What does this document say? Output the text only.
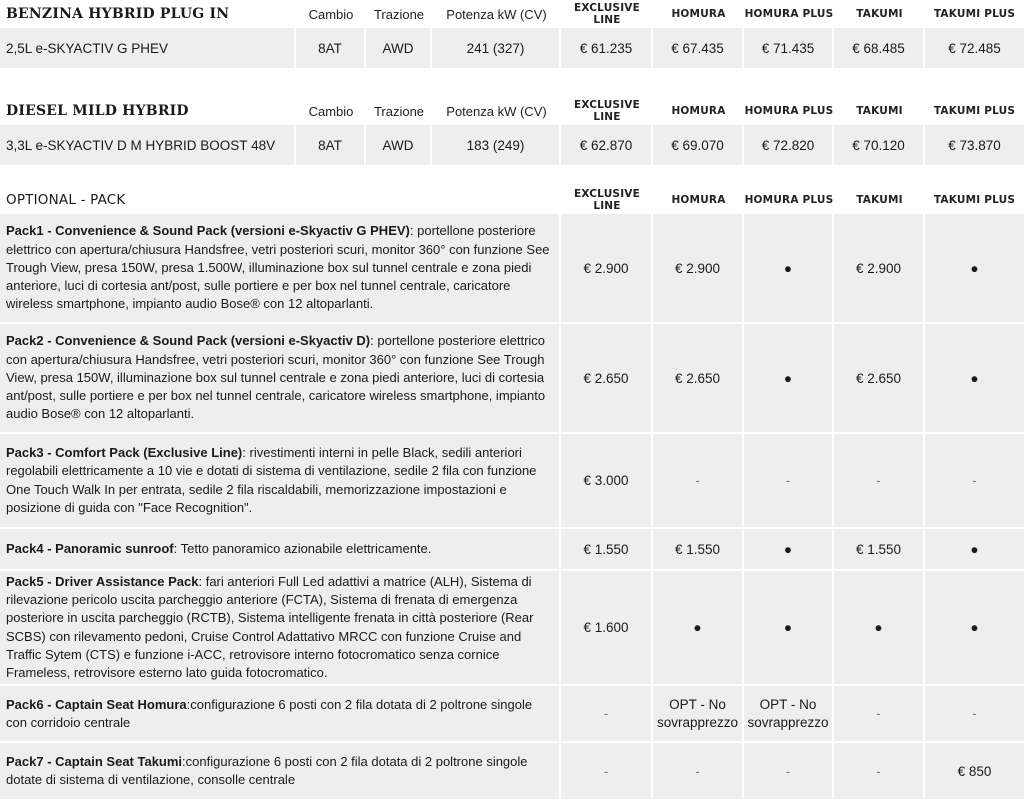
BENZINA HYBRID PLUG IN	Cambio	Trazione	Potenza kW (CV)	EXCLUSIVE LINE	HOMURA	HOMURA PLUS	TAKUMI	TAKUMI PLUS
2,5L e-SKYACTIV G PHEV	8AT	AWD	241 (327)	€ 61.235	€ 67.435	€ 71.435	€ 68.485	€ 72.485
DIESEL MILD HYBRID	Cambio	Trazione	Potenza kW (CV)	EXCLUSIVE LINE	HOMURA	HOMURA PLUS	TAKUMI	TAKUMI PLUS
3,3L e-SKYACTIV D M HYBRID BOOST 48V	8AT	AWD	183 (249)	€ 62.870	€ 69.070	€ 72.820	€ 70.120	€ 73.870
OPTIONAL - PACK	EXCLUSIVE LINE	HOMURA	HOMURA PLUS	TAKUMI	TAKUMI PLUS
Pack1 - Convenience & Sound Pack (versioni e-Skyactiv G PHEV): portellone posteriore elettrico con apertura/chiusura Handsfree, vetri posteriori scuri, monitor 360° con funzione See Trough View, presa 150W, presa 1.500W, illuminazione box sul tunnel centrale e zona piedi anteriore, luci di cortesia ant/post, sulle portiere e per box nel tunnel centrale, caricatore wireless smartphone, impianto audio Bose® con 12 altoparlanti.	€ 2.900	€ 2.900	●	€ 2.900	●
Pack2 - Convenience & Sound Pack (versioni e-Skyactiv D): portellone posteriore elettrico con apertura/chiusura Handsfree, vetri posteriori scuri, monitor 360° con funzione See Trough View, presa 150W, illuminazione box sul tunnel centrale e zona piedi anteriore, luci di cortesia ant/post, sulle portiere e per box nel tunnel centrale, caricatore wireless smartphone, impianto audio Bose® con 12 altoparlanti.	€ 2.650	€ 2.650	●	€ 2.650	●
Pack3 - Comfort Pack (Exclusive Line): rivestimenti interni in pelle Black, sedili anteriori regolabili elettricamente a 10 vie e dotati di sistema di ventilazione, sedile 2 fila con funzione One Touch Walk In per entrata, sedile 2 fila riscaldabili, memorizzazione impostazioni e posizione di guida con "Face Recognition".	€ 3.000	-	-	-	-
Pack4 - Panoramic sunroof: Tetto panoramico azionabile elettricamente.	€ 1.550	€ 1.550	●	€ 1.550	●
Pack5 - Driver Assistance Pack: fari anteriori Full Led adattivi a matrice (ALH), Sistema di rilevazione pericolo uscita parcheggio anteriore (FCTA), Sistema di frenata di emergenza posteriore in uscita parcheggio (RCTB), Sistema intelligente frenata in città posteriore (Rear SCBS) con rilevamento pedoni, Cruise Control Adattativo MRCC con funzione Cruise and Traffic Sytem (CTS) e funzione i-ACC, retrovisore interno fotocromatico senza cornice Frameless, retrovisore esterno lato guida fotocromatico.	€ 1.600	●	●	●	●
Pack6 - Captain Seat Homura:configurazione 6 posti con 2 fila dotata di 2 poltrone singole con corridoio centrale	-	OPT - No sovrapprezzo	OPT - No sovrapprezzo	-	-
Pack7 - Captain Seat Takumi:configurazione 6 posti con 2 fila dotata di 2 poltrone singole dotate di sistema di ventilazione, consolle centrale	-	-	-	-	€ 850
